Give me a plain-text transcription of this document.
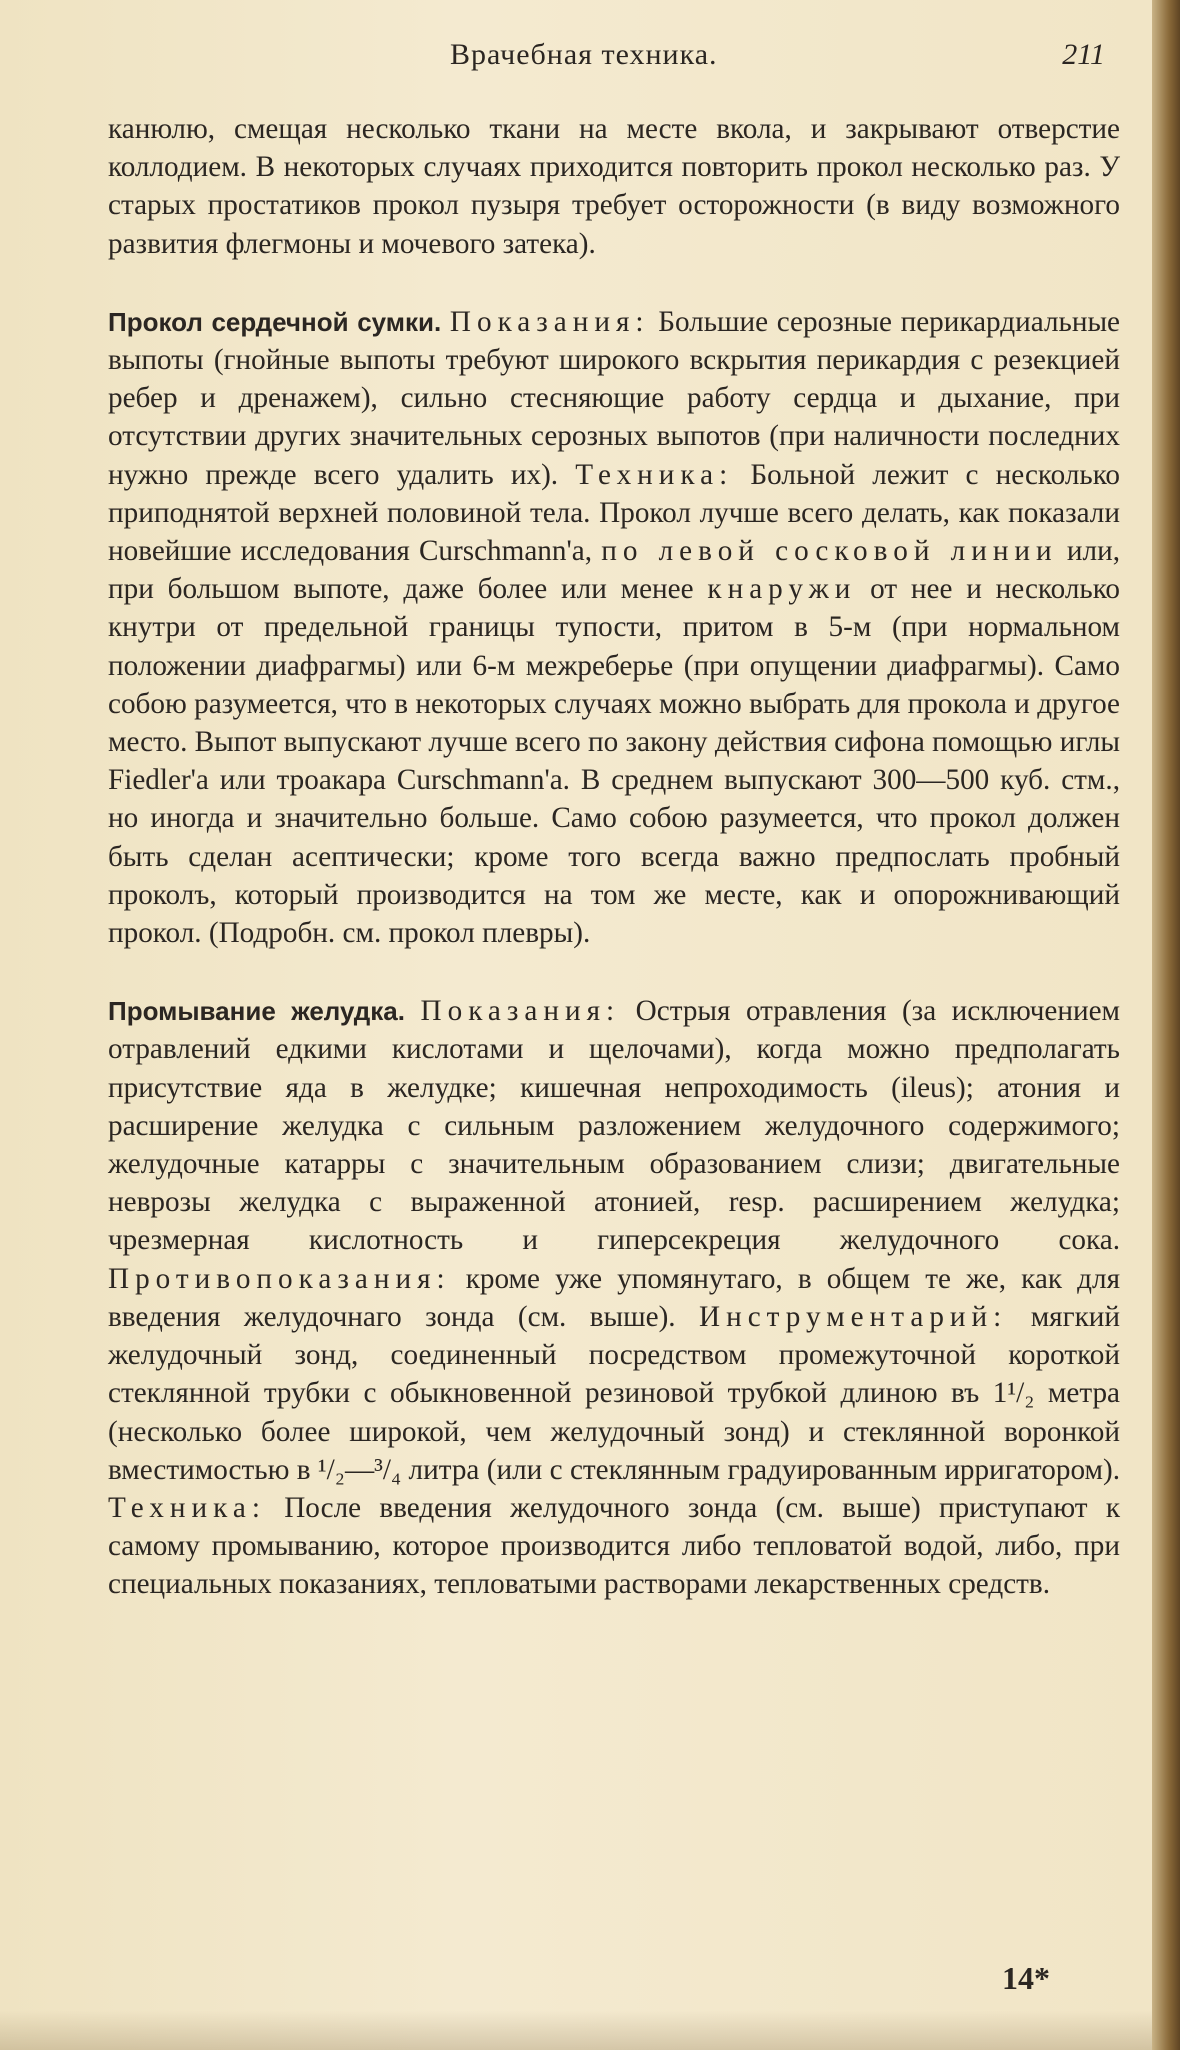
Врачебная техника.	211

канюлю, смещая несколько ткани на месте вкола, и закрывают отверстие коллодием. В некоторых случаях приходится повторить прокол несколько раз. У старых простатиков прокол пузыря требует осторожности (в виду возможного развития флегмоны и мочевого затека).

Прокол сердечной сумки. Показания: Большие серозные перикардиальные выпоты (гнойные выпоты требуют широкого вскрытия перикардия с резекцией ребер и дренажем), сильно стесняющие работу сердца и дыхание, при отсутствии других значительных серозных выпотов (при наличности последних нужно прежде всего удалить их). Техника: Больной лежит с несколько приподнятой верхней половиной тела. Прокол лучше всего делать, как показали новейшие исследования Curschmann'а, по левой сосковой линии или, при большом выпоте, даже более или менее кнаружи от нее и несколько кнутри от предельной границы тупости, притом в 5-м (при нормальном положении диафрагмы) или 6-м межреберье (при опущении диафрагмы). Само собою разумеется, что в некоторых случаях можно выбрать для прокола и другое место. Выпот выпускают лучше всего по закону действия сифона помощью иглы Fiedler'а или троакара Curschmann'а. В среднем выпускают 300—500 куб. стм., но иногда и значительно больше. Само собою разумеется, что прокол должен быть сделан асептически; кроме того всегда важно предпослать пробный проколъ, который производится на том же месте, как и опорожнивающий прокол. (Подробн. см. прокол плевры).

Промывание желудка. Показания: Острыя отравления (за исключением отравлений едкими кислотами и щелочами), когда можно предполагать присутствие яда в желудке; кишечная непроходимость (ileus); атония и расширение желудка с сильным разложением желудочного содержимого; желудочные катарры с значительным образованием слизи; двигательные неврозы желудка с выраженной атонией, resp. расширением желудка; чрезмерная кислотность и гиперсекреция желудочного сока. Противопоказания: кроме уже упомянутаго, в общем те же, как для введения желудочнаго зонда (см. выше). Инструментарий: мягкий желудочный зонд, соединенный посредством промежуточной короткой стеклянной трубки с обыкновенной резиновой трубкой длиною въ 1¹/₂ метра (несколько более широкой, чем желудочный зонд) и стеклянной воронкой вместимостью в ¹/₂—³/₄ литра (или с стеклянным градуированным ирригатором). Техника: После введения желудочного зонда (см. выше) приступают к самому промыванию, которое производится либо тепловатой водой, либо, при специальных показаниях, тепловатыми растворами лекарственных средств.

14*
